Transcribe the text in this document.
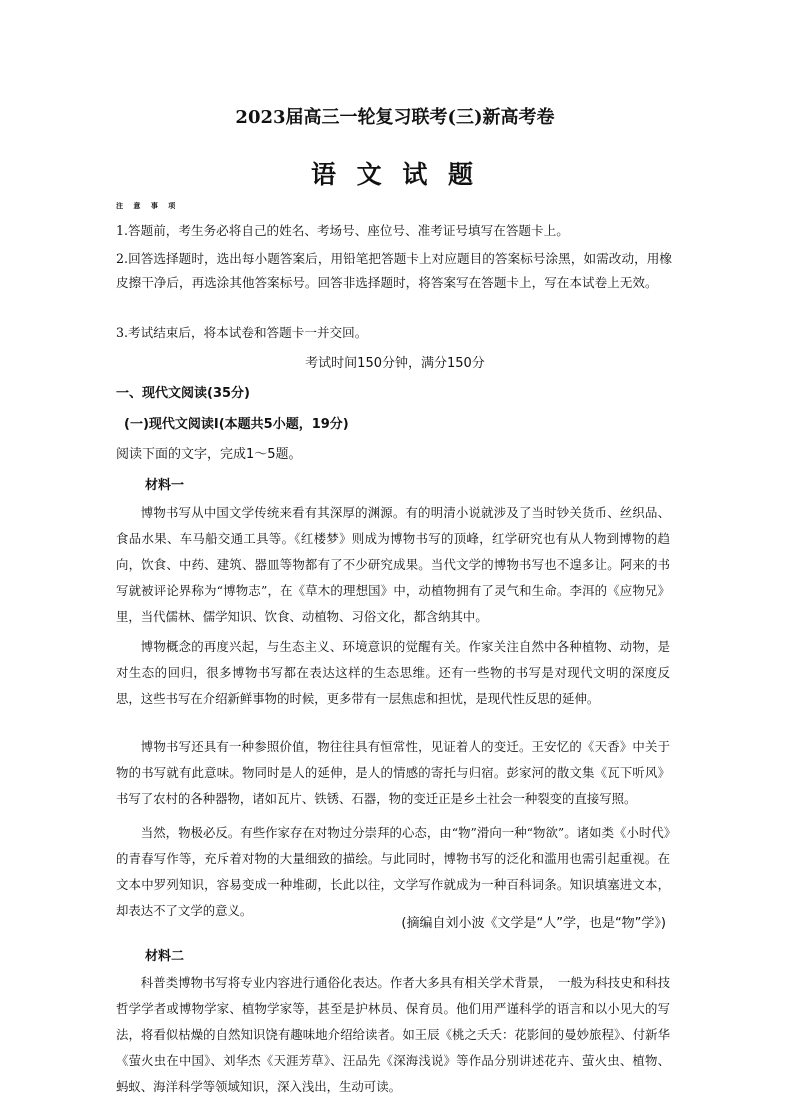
2023届高三一轮复习联考(三)新高考卷
语 文 试 题
注 意 事 项
1.答题前，考生务必将自己的姓名、考场号、座位号、准考证号填写在答题卡上。
2.回答选择题时，选出每小题答案后，用铅笔把答题卡上对应题目的答案标号涂黑，如需改动，用橡皮擦干净后，再选涂其他答案标号。回答非选择题时，将答案写在答题卡上，写在本试卷上无效。
3.考试结束后，将本试卷和答题卡一并交回。
考试时间150分钟，满分150分
一、现代文阅读(35分)
(一)现代文阅读Ⅰ(本题共5小题，19分)
阅读下面的文字，完成1～5题。
材料一
博物书写从中国文学传统来看有其深厚的渊源。有的明清小说就涉及了当时钞关货币、丝织品、食品水果、车马船交通工具等。《红楼梦》则成为博物书写的顶峰，红学研究也有从人物到博物的趋向，饮食、中药、建筑、器皿等物都有了不少研究成果。当代文学的博物书写也不遑多让。阿来的书写就被评论界称为“博物志”，在《草木的理想国》中，动植物拥有了灵气和生命。李洱的《应物兄》里，当代儒林、儒学知识、饮食、动植物、习俗文化，都含纳其中。
博物概念的再度兴起，与生态主义、环境意识的觉醒有关。作家关注自然中各种植物、动物，是对生态的回归，很多博物书写都在表达这样的生态思维。还有一些物的书写是对现代文明的深度反思，这些书写在介绍新鲜事物的时候，更多带有一层焦虑和担忧，是现代性反思的延伸。
博物书写还具有一种参照价值，物往往具有恒常性，见证着人的变迁。王安忆的《天香》中关于物的书写就有此意味。物同时是人的延伸，是人的情感的寄托与归宿。彭家河的散文集《瓦下听风》书写了农村的各种器物，诸如瓦片、铁锈、石器，物的变迁正是乡土社会一种裂变的直接写照。
当然，物极必反。有些作家存在对物过分崇拜的心态，由“物”滑向一种“物欲”。诸如类《小时代》的青春写作等，充斥着对物的大量细致的描绘。与此同时，博物书写的泛化和滥用也需引起重视。在文本中罗列知识，容易变成一种堆砌，长此以往，文学写作就成为一种百科词条。知识填塞进文本，却表达不了文学的意义。
(摘编自刘小波《文学是“人”学，也是“物”学》)
材料二
科普类博物书写将专业内容进行通俗化表达。作者大多具有相关学术背景，　一般为科技史和科技哲学学者或博物学家、植物学家等，甚至是护林员、保育员。他们用严谨科学的语言和以小见大的写法，将看似枯燥的自然知识饶有趣味地介绍给读者。如王辰《桃之夭夭：花影间的曼妙旅程》、付新华《萤火虫在中国》、刘华杰《天涯芳草》、汪品先《深海浅说》等作品分别讲述花卉、萤火虫、植物、蚂蚁、海洋科学等领域知识，深入浅出，生动可读。
